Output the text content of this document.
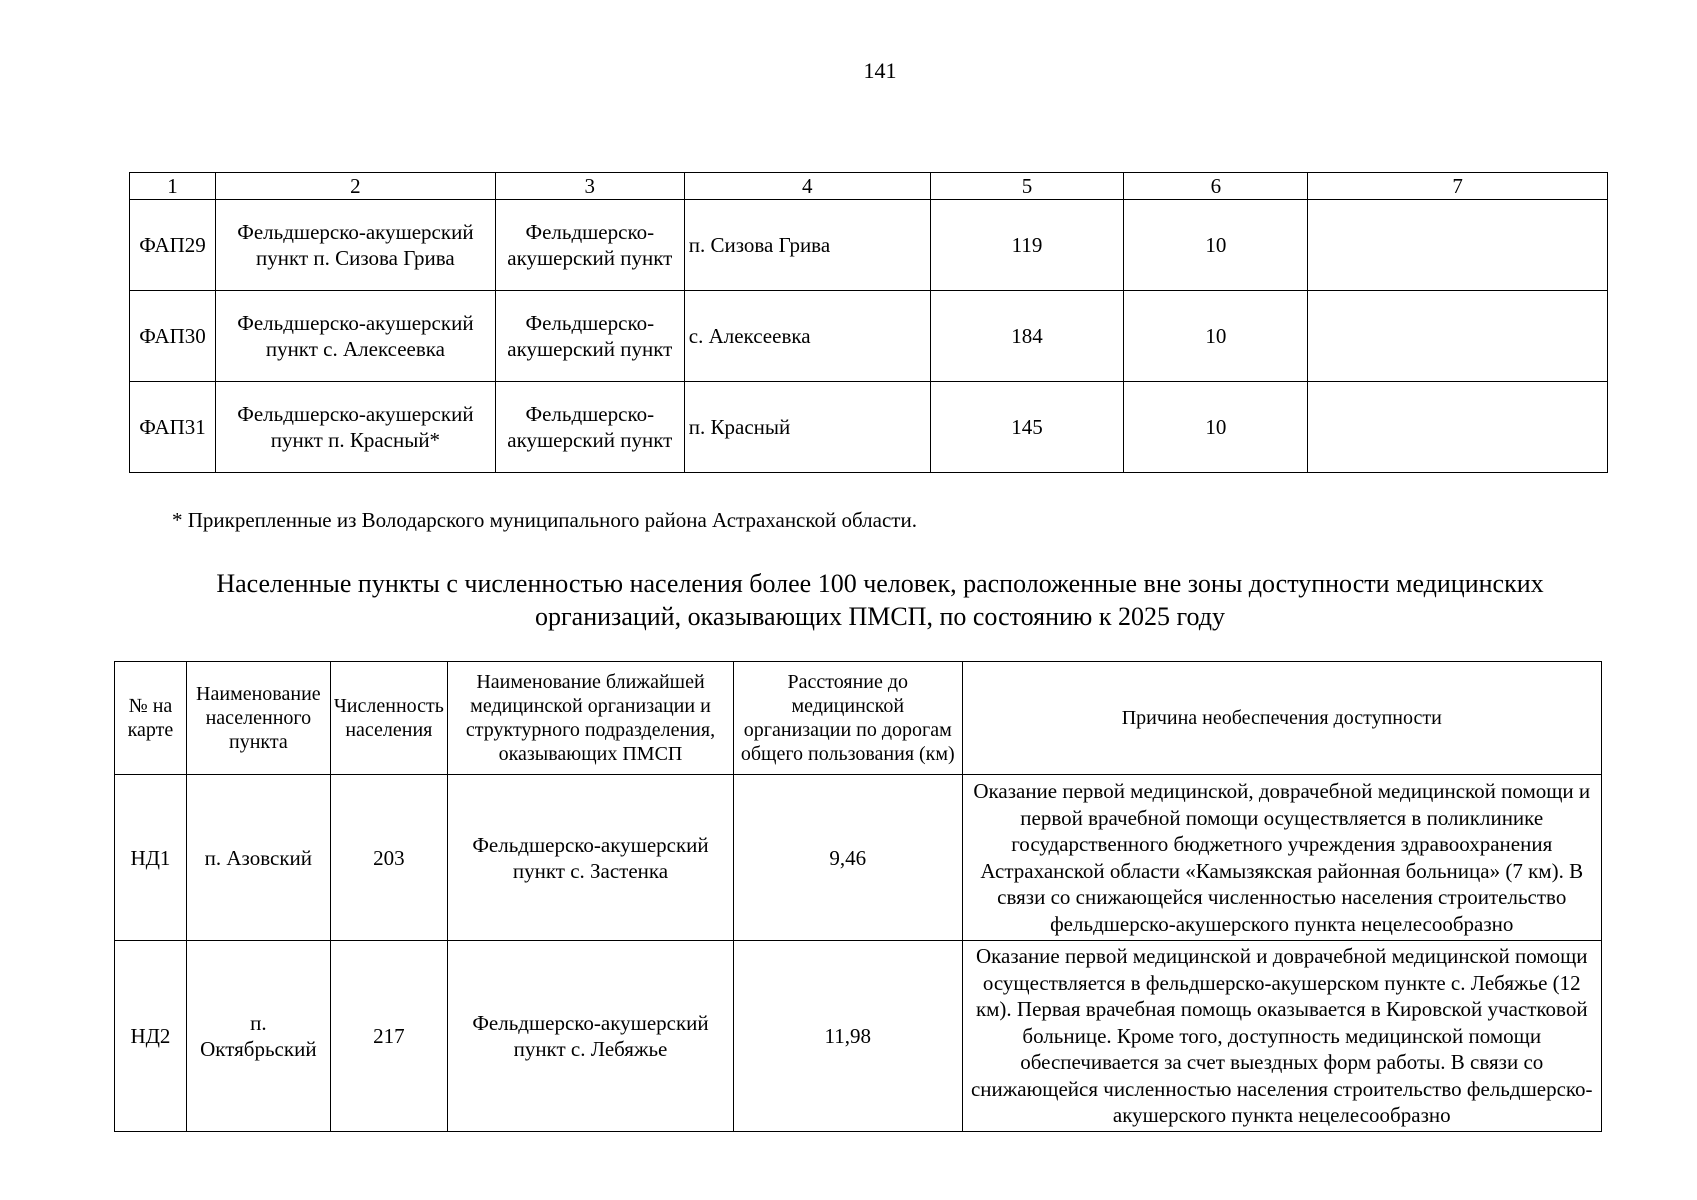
141
1	2	3	4	5	6	7
ФАП29	Фельдшерско-акушерский пункт п. Сизова Грива	Фельдшерско-акушерский пункт	п. Сизова Грива	119	10	
ФАП30	Фельдшерско-акушерский пункт с. Алексеевка	Фельдшерско-акушерский пункт	с. Алексеевка	184	10	
ФАП31	Фельдшерско-акушерский пункт п. Красный*	Фельдшерско-акушерский пункт	п. Красный	145	10	
* Прикрепленные из Володарского муниципального района Астраханской области.
Населенные пункты с численностью населения более 100 человек, расположенные вне зоны доступности медицинских организаций, оказывающих ПМСП, по состоянию к 2025 году
№ на карте	Наименование населенного пункта	Численность населения	Наименование ближайшей медицинской организации и структурного подразделения, оказывающих ПМСП	Расстояние до медицинской организации по дорогам общего пользования (км)	Причина необеспечения доступности
НД1	п. Азовский	203	Фельдшерско-акушерский пункт с. Застенка	9,46	Оказание первой медицинской, доврачебной медицинской помощи и первой врачебной помощи осуществляется в поликлинике государственного бюджетного учреждения здравоохранения Астраханской области «Камызякская районная больница» (7 км). В связи со снижающейся численностью населения строительство фельдшерско-акушерского пункта нецелесообразно
НД2	п. Октябрьский	217	Фельдшерско-акушерский пункт с. Лебяжье	11,98	Оказание первой медицинской и доврачебной медицинской помощи осуществляется в фельдшерско-акушерском пункте с. Лебяжье (12 км). Первая врачебная помощь оказывается в Кировской участковой больнице. Кроме того, доступность медицинской помощи обеспечивается за счет выездных форм работы. В связи со снижающейся численностью населения строительство фельдшерско-акушерского пункта нецелесообразно
